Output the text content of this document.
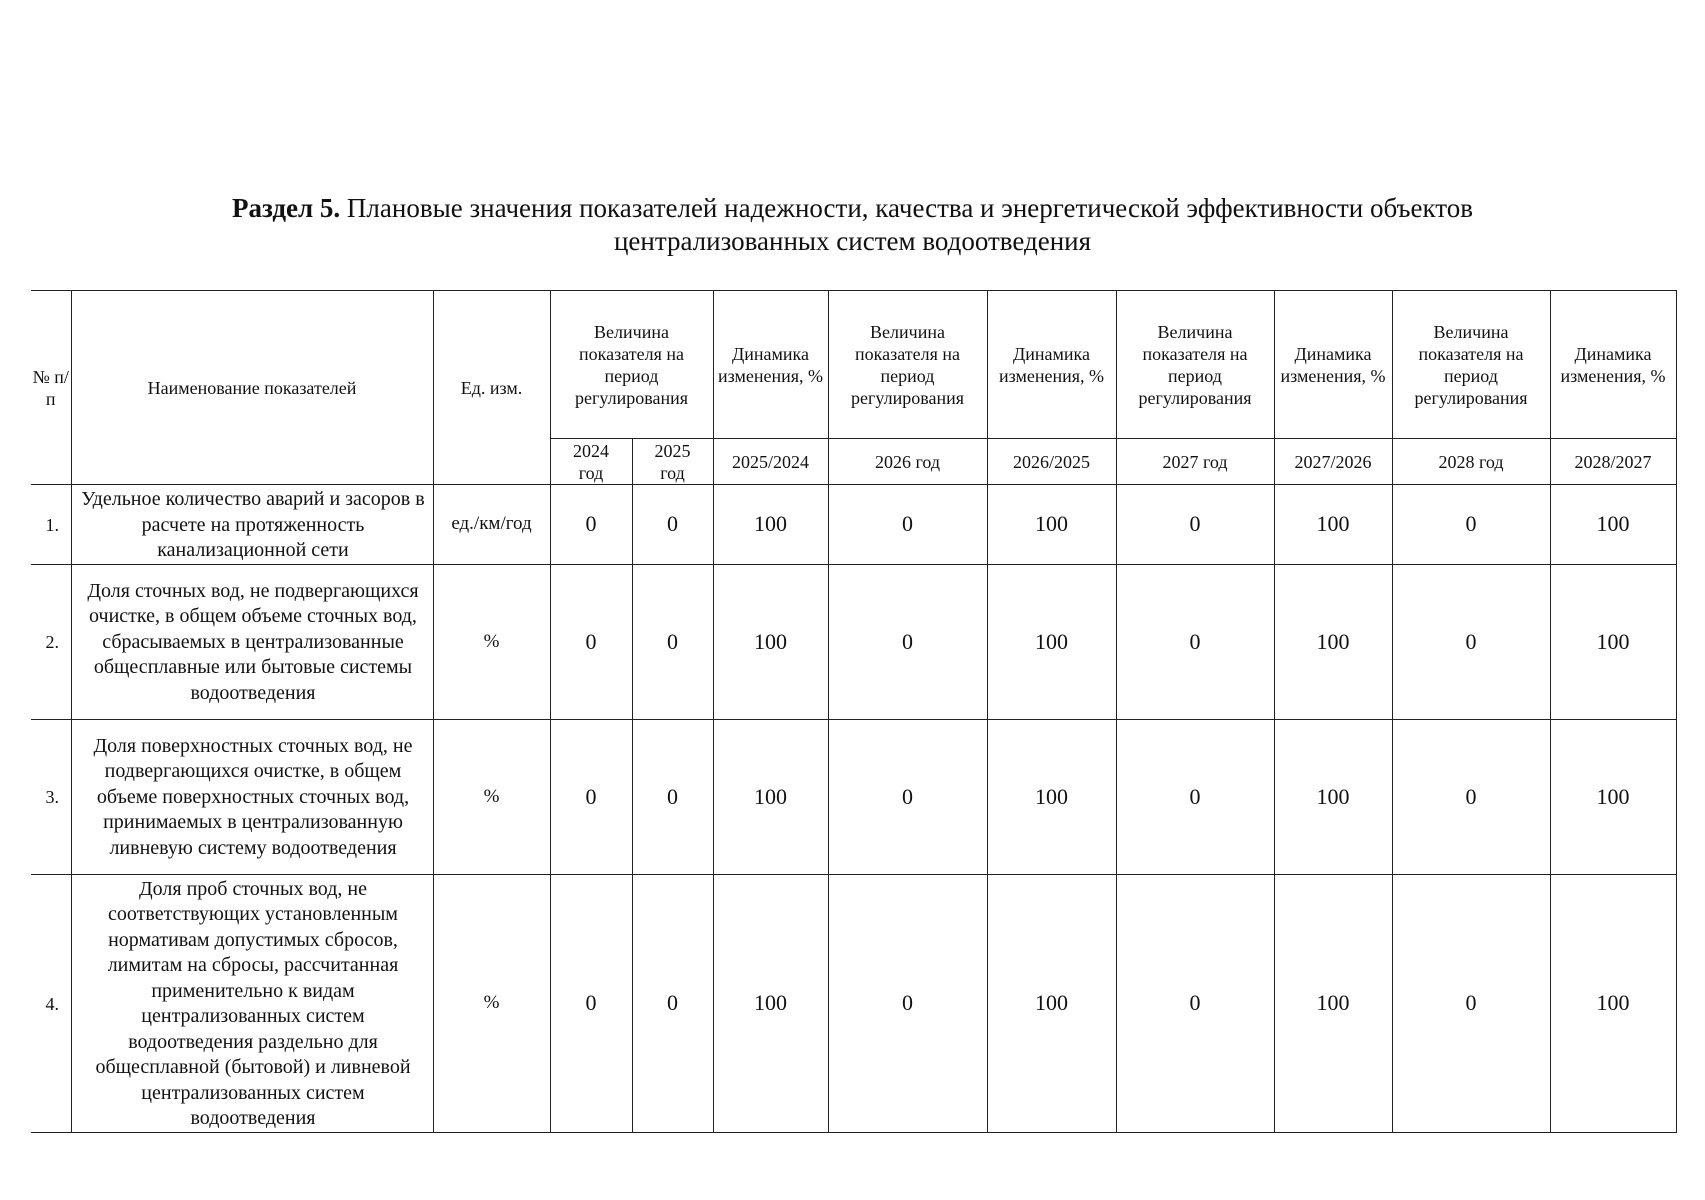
Раздел 5. Плановые значения показателей надежности, качества и энергетической эффективности объектов
централизованных систем водоотведения
№ п/п	Наименование показателей	Ед. изм.	Величина показателя на период регулирования		Динамика изменения, %	Величина показателя на период регулирования	Динамика изменения, %	Величина показателя на период регулирования	Динамика изменения, %	Величина показателя на период регулирования	Динамика изменения, %

			2024
год	2025
год	2025/2024	2026 год	2026/2025	2027 год	2027/2026	2028 год	2028/2027
1.	Удельное количество аварий и засоров в расчете на протяженность канализационной сети	ед./км/год	0	0	100	0	100	0	100	0	100
2.	Доля сточных вод, не подвергающихся очистке, в общем объеме сточных вод, сбрасываемых в централизованные общесплавные или бытовые системы водоотведения	%	0	0	100	0	100	0	100	0	100
3.	Доля поверхностных сточных вод, не подвергающихся очистке, в общем объеме поверхностных сточных вод, принимаемых в централизованную ливневую систему водоотведения	%	0	0	100	0	100	0	100	0	100
4.	Доля проб сточных вод, не соответствующих установленным нормативам допустимых сбросов, лимитам на сбросы, рассчитанная применительно к видам централизованных систем водоотведения раздельно для общесплавной (бытовой) и ливневой централизованных систем водоотведения	%	0	0	100	0	100	0	100	0	100
